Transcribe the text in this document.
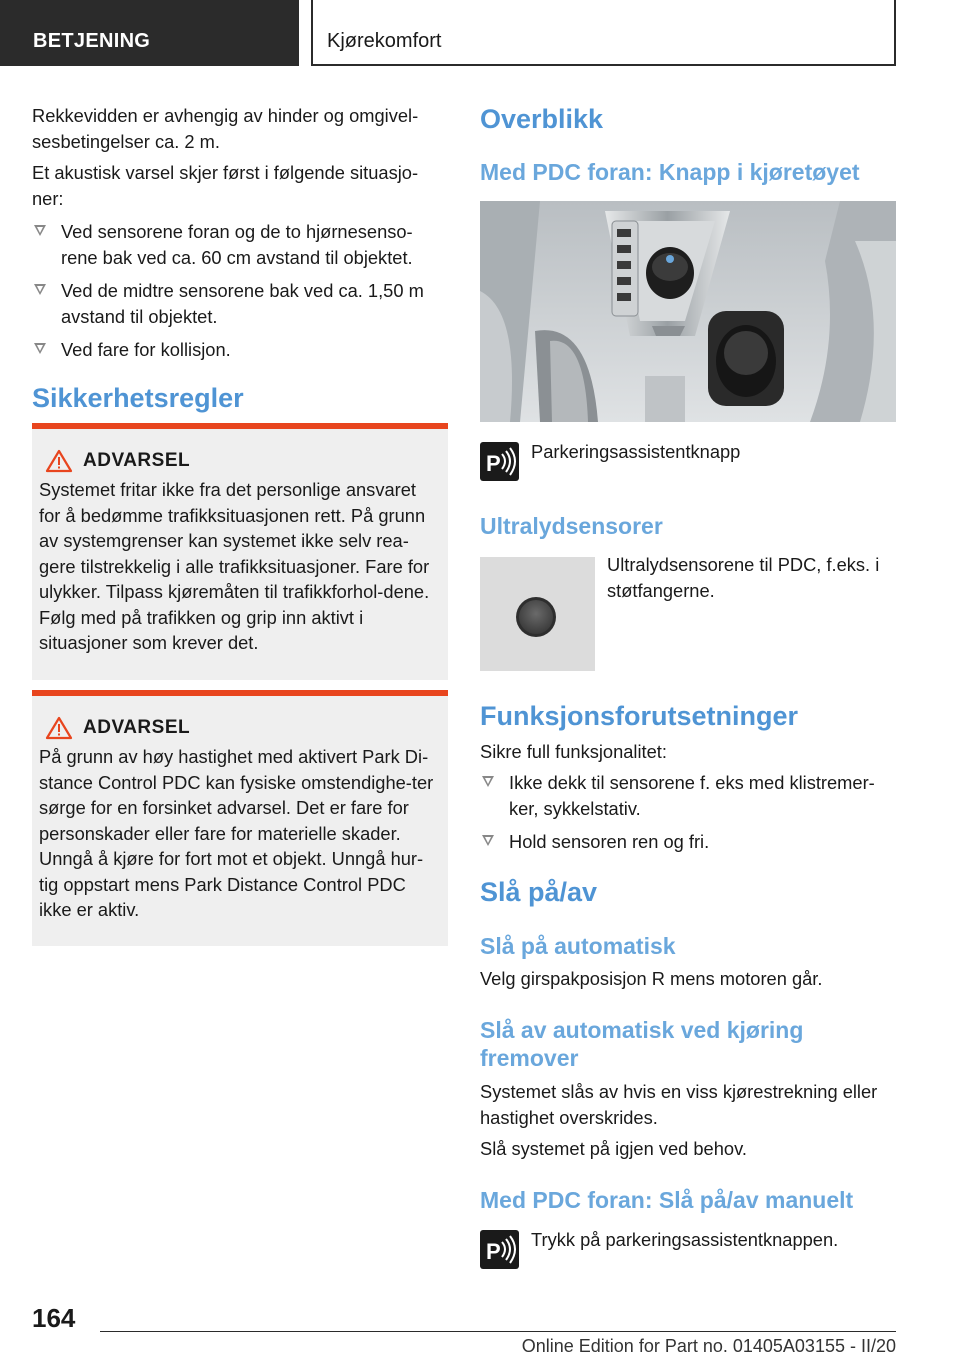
BETJENING	Kjørekomfort

Rekkevidden er avhengig av hinder og omgivel-sesbetingelser ca. 2 m.

Et akustisk varsel skjer først i følgende situasjo-ner:

Ved sensorene foran og de to hjørnesenso-rene bak ved ca. 60 cm avstand til objektet.
Ved de midtre sensorene bak ved ca. 1,50 m avstand til objektet.
Ved fare for kollisjon.
Sikkerhetsregler
ADVARSEL

Systemet fritar ikke fra det personlige ansvaret for å bedømme trafikksituasjonen rett. På grunn av systemgrenser kan systemet ikke selv rea-gere tilstrekkelig i alle trafikksituasjoner. Fare for ulykker. Tilpass kjøremåten til trafikkforhol-dene. Følg med på trafikken og grip inn aktivt i situasjoner som krever det.

ADVARSEL

På grunn av høy hastighet med aktivert Park Di-stance Control PDC kan fysiske omstendighe-ter sørge for en forsinket advarsel. Det er fare for personskader eller fare for materielle skader. Unngå å kjøre for fort mot et objekt. Unngå hur-tig oppstart mens Park Distance Control PDC ikke er aktiv.

Overblikk
Med PDC foran: Knapp i kjøretøyet
P Parkeringsassistentknapp

Ultralydsensorer

Ultralydsensorene til PDC, f.eks. i støtfangerne.

Funksjonsforutsetninger

Sikre full funksjonalitet:

Ikke dekk til sensorene f. eks med klistremer-ker, sykkelstativ.
Hold sensoren ren og fri.
Slå på/av
Slå på automatisk

Velg girspakposisjon R mens motoren går.

Slå av automatisk ved kjøring fremover

Systemet slås av hvis en viss kjørestrekning eller hastighet overskrides.

Slå systemet på igjen ved behov.

Med PDC foran: Slå på/av manuelt
P Trykk på parkeringsassistentknappen.

164
Online Edition for Part no. 01405A03155 - II/20
